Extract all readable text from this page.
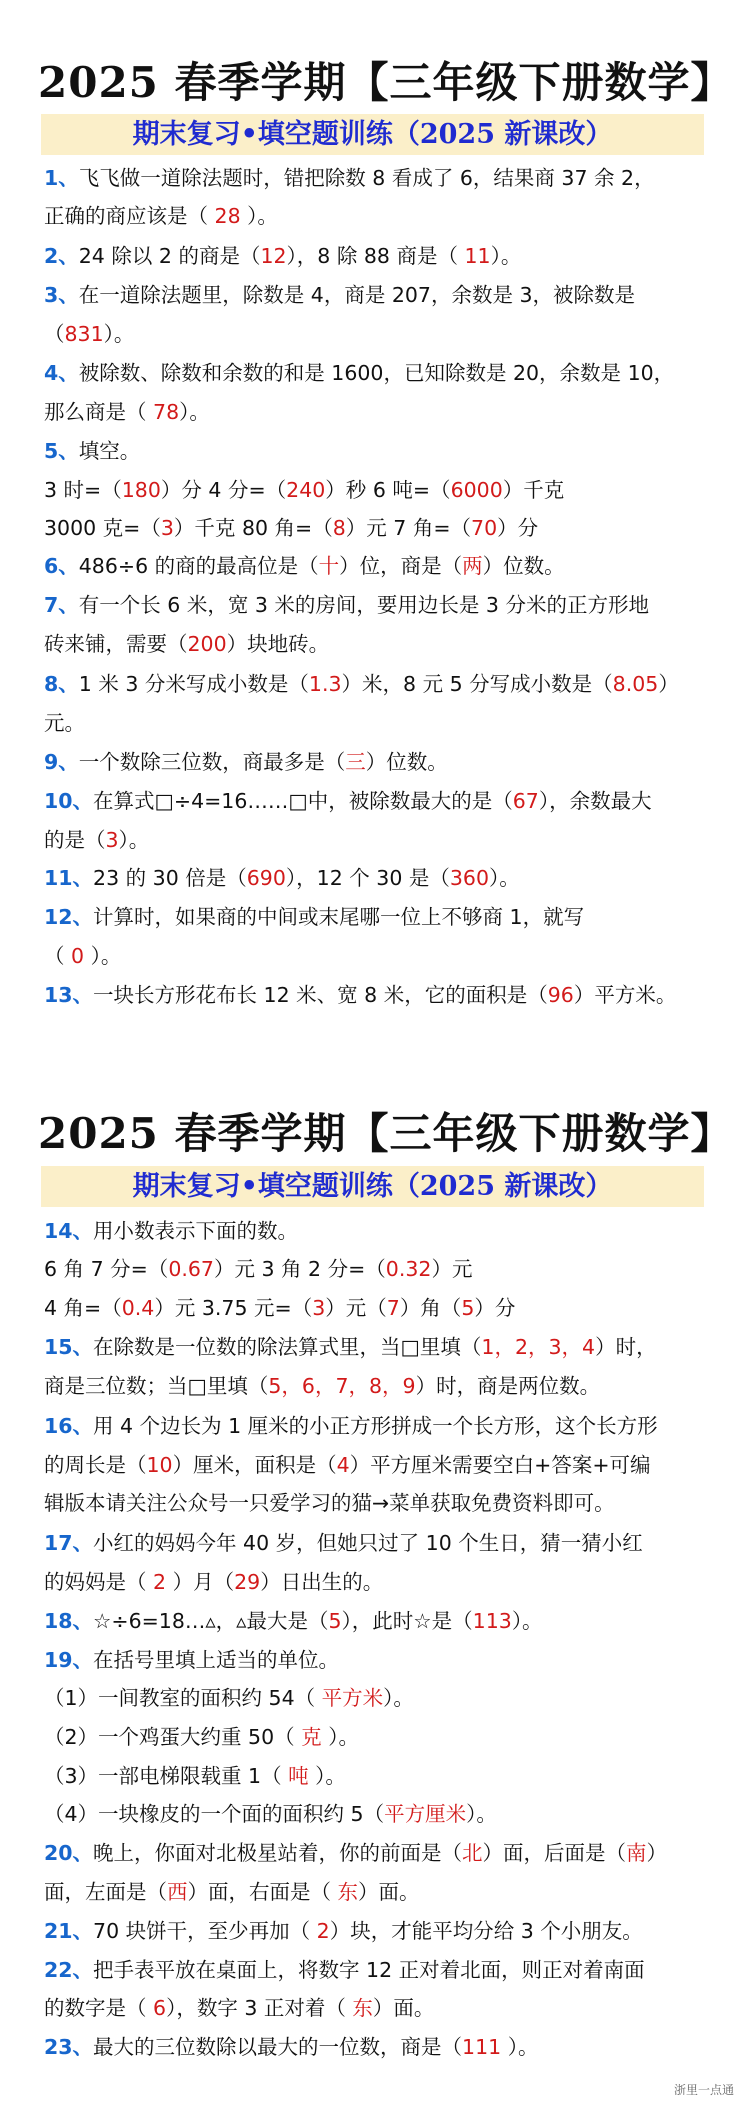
2025 春季学期【三年级下册数学】
期末复习•填空题训练（2025 新课改）
2025 春季学期【三年级下册数学】
期末复习•填空题训练（2025 新课改）
1、飞飞做一道除法题时，错把除数 8 看成了 6，结果商 37 余 2，
正确的商应该是（ 28 ）。
2、24 除以 2 的商是（12），8 除 88 商是（ 11）。
3、在一道除法题里，除数是 4，商是 207，余数是 3，被除数是
（831）。
4、被除数、除数和余数的和是 1600，已知除数是 20，余数是 10，
那么商是（ 78）。
5、填空。
3 时=（180）分 4 分=（240）秒 6 吨=（6000）千克
3000 克=（3）千克 80 角=（8）元 7 角=（70）分
6、486÷6 的商的最高位是（十）位，商是（两）位数。
7、有一个长 6 米，宽 3 米的房间，要用边长是 3 分米的正方形地
砖来铺，需要（200）块地砖。
8、1 米 3 分米写成小数是（1.3）米，8 元 5 分写成小数是（8.05）
元。
9、一个数除三位数，商最多是（三）位数。
10、在算式□÷4=16……□中，被除数最大的是（67），余数最大
的是（3）。
11、23 的 30 倍是（690），12 个 30 是（360）。
12、计算时，如果商的中间或末尾哪一位上不够商 1，就写
（ 0 ）。
13、一块长方形花布长 12 米、宽 8 米，它的面积是（96）平方米。
14、用小数表示下面的数。
6 角 7 分=（0.67）元 3 角 2 分=（0.32）元
4 角=（0.4）元 3.75 元=（3）元（7）角（5）分
15、在除数是一位数的除法算式里，当□里填（1，2，3，4）时，
商是三位数；当□里填（5，6，7，8，9）时，商是两位数。
16、用 4 个边长为 1 厘米的小正方形拼成一个长方形，这个长方形
的周长是（10）厘米，面积是（4）平方厘米需要空白+答案+可编
辑版本请关注公众号一只爱学习的猫→菜单获取免费资料即可。
17、小红的妈妈今年 40 岁，但她只过了 10 个生日，猜一猜小红
的妈妈是（ 2 ）月（29）日出生的。
18、☆÷6=18…▵，▵最大是（5），此时☆是（113）。
19、在括号里填上适当的单位。
（1）一间教室的面积约 54（ 平方米）。
（2）一个鸡蛋大约重 50（ 克 ）。
（3）一部电梯限载重 1（ 吨 ）。
（4）一块橡皮的一个面的面积约 5（平方厘米）。
20、晚上，你面对北极星站着，你的前面是（北）面，后面是（南）
面，左面是（西）面，右面是（ 东）面。
21、70 块饼干，至少再加（ 2）块，才能平均分给 3 个小朋友。
22、把手表平放在桌面上，将数字 12 正对着北面，则正对着南面
的数字是（ 6），数字 3 正对着（ 东）面。
23、最大的三位数除以最大的一位数，商是（111 ）。
浙里一点通
